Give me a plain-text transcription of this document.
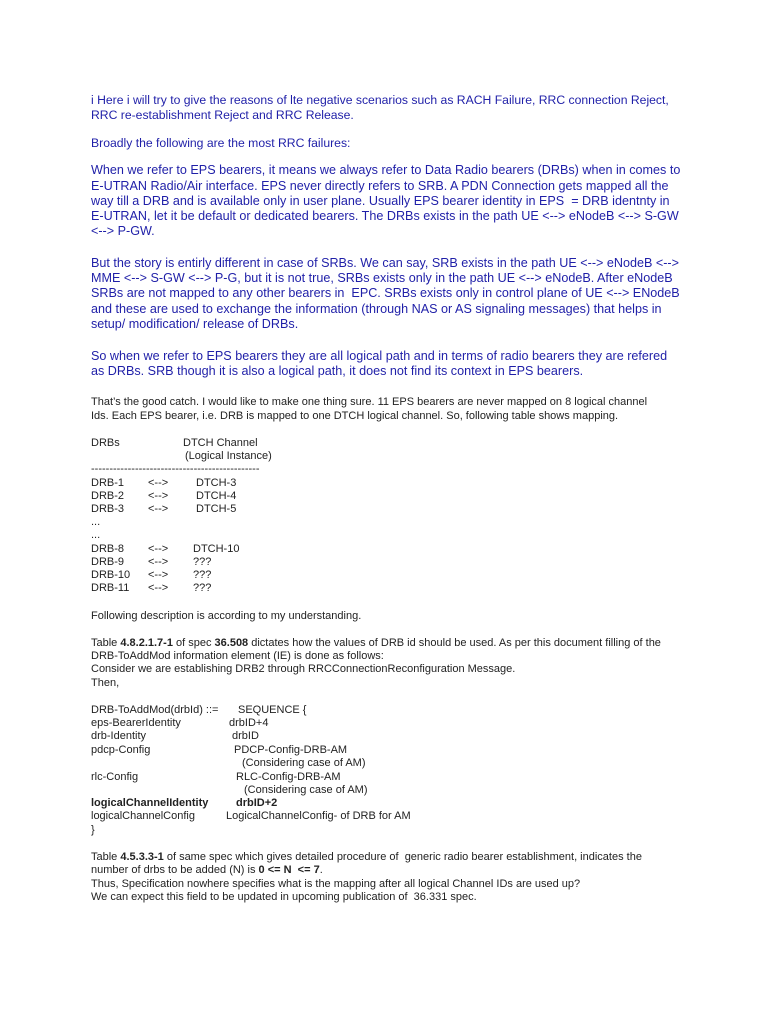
i Here i will try to give the reasons of lte negative scenarios such as RACH Failure, RRC connection Reject,
RRC re-establishment Reject and RRC Release.
Broadly the following are the most RRC failures:
When we refer to EPS bearers, it means we always refer to Data Radio bearers (DRBs) when in comes to
E-UTRAN Radio/Air interface. EPS never directly refers to SRB. A PDN Connection gets mapped all the
way till a DRB and is available only in user plane. Usually EPS bearer identity in EPS  = DRB identnty in
E-UTRAN, let it be default or dedicated bearers. The DRBs exists in the path UE <--> eNodeB <--> S-GW
<--> P-GW.
But the story is entirly different in case of SRBs. We can say, SRB exists in the path UE <--> eNodeB <-->
MME <--> S-GW <--> P-G, but it is not true, SRBs exists only in the path UE <--> eNodeB. After eNodeB
SRBs are not mapped to any other bearers in  EPC. SRBs exists only in control plane of UE <--> ENodeB
and these are used to exchange the information (through NAS or AS signaling messages) that helps in
setup/ modification/ release of DRBs.
So when we refer to EPS bearers they are all logical path and in terms of radio bearers they are refered
as DRBs. SRB though it is also a logical path, it does not find its context in EPS bearers.
That’s the good catch. I would like to make one thing sure. 11 EPS bearers are never mapped on 8 logical channel
Ids. Each EPS bearer, i.e. DRB is mapped to one DTCH logical channel. So, following table shows mapping.
DRBs	DTCH Channel
(Logical Instance)
----------------------------------------------
DRB-1 <-->	DTCH-3
DRB-2 <-->	DTCH-4
DRB-3 <-->	DTCH-5
...
...
DRB-8 <--> DTCH-10
DRB-9 <--> ???
DRB-10 <--> ???
DRB-11 <--> ???
Following description is according to my understanding.
Table 4.8.2.1.7-1 of spec 36.508 dictates how the values of DRB id should be used. As per this document filling of the
DRB-ToAddMod information element (IE) is done as follows:
Consider we are establishing DRB2 through RRCConnectionReconfiguration Message.
Then,
DRB-ToAddMod(drbId) ::= SEQUENCE {
eps-BearerIdentity	drbID+4
drb-Identity	drbID
pdcp-Config	PDCP-Config-DRB-AM
(Considering case of AM)
rlc-Config	RLC-Config-DRB-AM
(Considering case of AM)
logicalChannelIdentity	drbID+2
logicalChannelConfig	LogicalChannelConfig- of DRB for AM
}
Table 4.5.3.3-1 of same spec which gives detailed procedure of  generic radio bearer establishment, indicates the
number of drbs to be added (N) is 0 <= N  <= 7.
Thus, Specification nowhere specifies what is the mapping after all logical Channel IDs are used up?
We can expect this field to be updated in upcoming publication of  36.331 spec.
